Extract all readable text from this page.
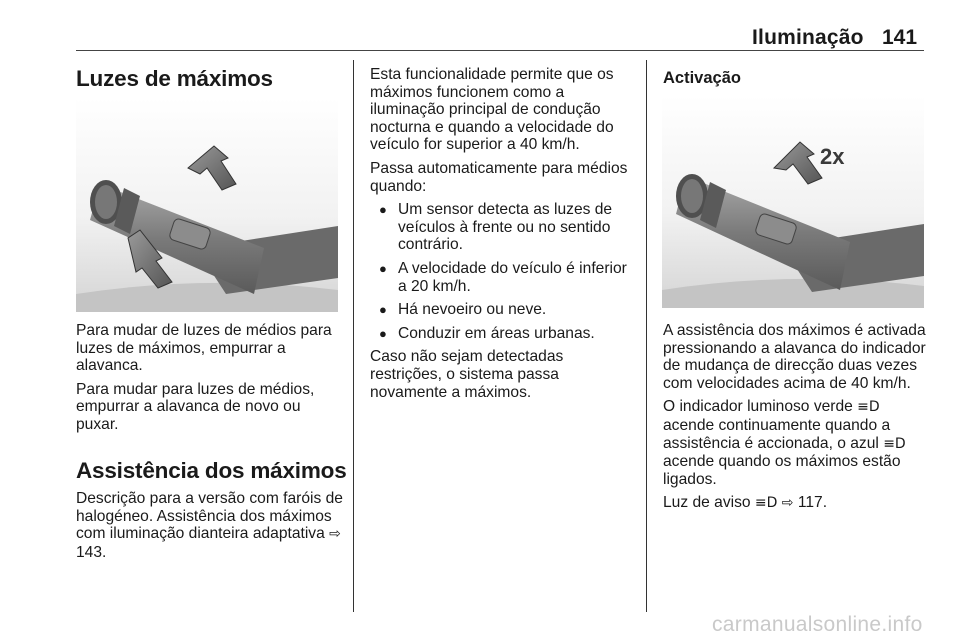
Iluminação 141
Luzes de máximos

Para mudar de luzes de médios para luzes de máximos, empurrar a alavanca.

Para mudar para luzes de médios, empurrar a alavanca de novo ou puxar.

Assistência dos máximos

Descrição para a versão com faróis de halogéneo. Assistência dos máximos com iluminação dianteira adaptativa ⇨ 143.

Esta funcionalidade permite que os máximos funcionem como a iluminação principal de condução nocturna e quando a velocidade do veículo for superior a 40 km/h.

Passa automaticamente para médios quando:

● Um sensor detecta as luzes de veículos à frente ou no sentido contrário.
● A velocidade do veículo é inferior a 20 km/h.
● Há nevoeiro ou neve.
● Conduzir em áreas urbanas.

Caso não sejam detectadas restrições, o sistema passa novamente a máximos.

Activação
2x

A assistência dos máximos é activada pressionando a alavanca do indicador de mudança de direcção duas vezes com velocidades acima de 40 km/h.

O indicador luminoso verde ≡D acende continuamente quando a assistência é accionada, o azul ≡D acende quando os máximos estão ligados.

Luz de aviso ≡D ⇨ 117.

carmanualsonline.info
